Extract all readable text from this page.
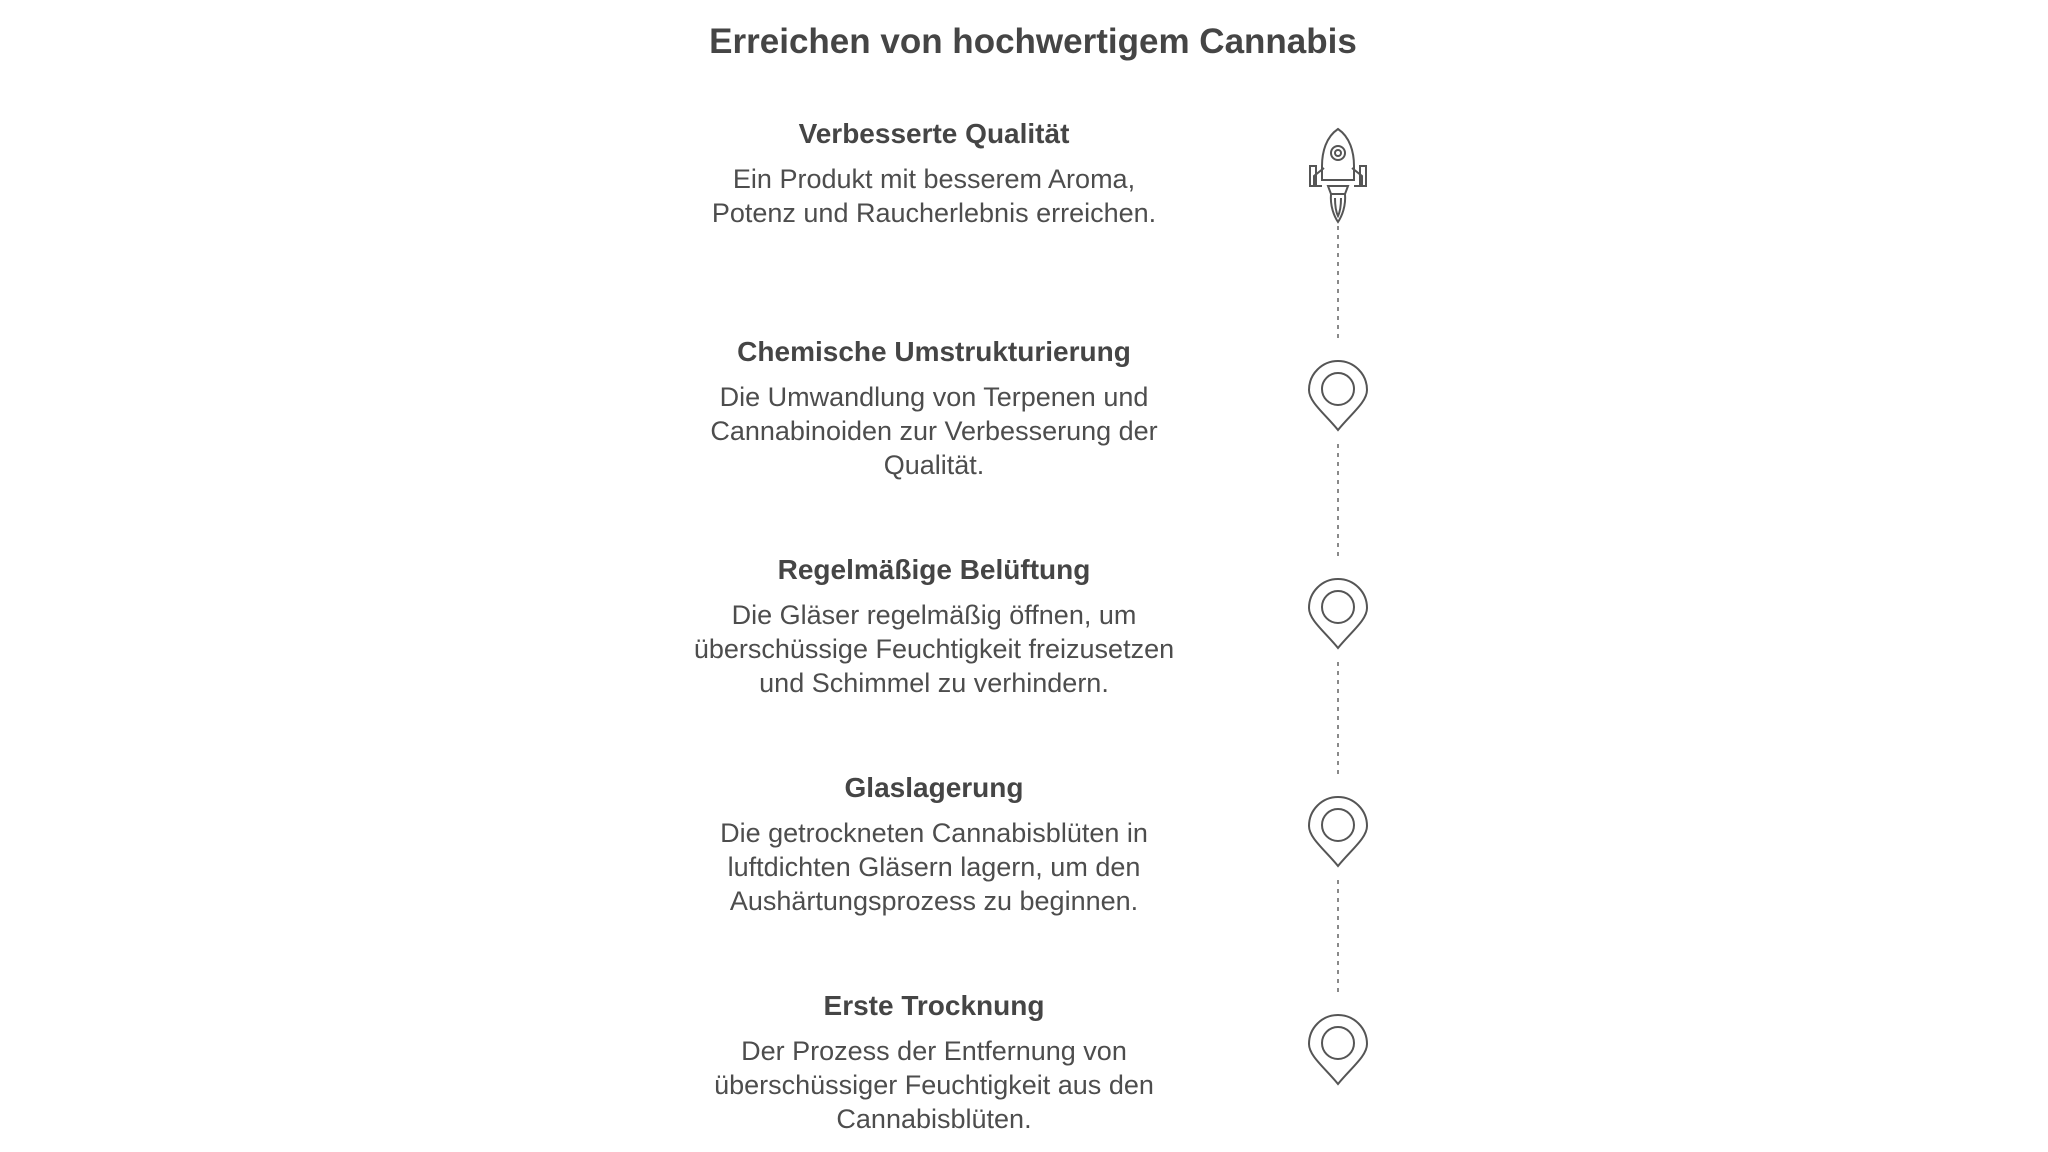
Erreichen von hochwertigem Cannabis

Verbesserte Qualität

Ein Produkt mit besserem Aroma, Potenz und Raucherlebnis erreichen.

Chemische Umstrukturierung

Die Umwandlung von Terpenen und Cannabinoiden zur Verbesserung der Qualität.

Regelmäßige Belüftung

Die Gläser regelmäßig öffnen, um überschüssige Feuchtigkeit freizusetzen und Schimmel zu verhindern.

Glaslagerung

Die getrockneten Cannabisblüten in luftdichten Gläsern lagern, um den Aushärtungsprozess zu beginnen.

Erste Trocknung

Der Prozess der Entfernung von überschüssiger Feuchtigkeit aus den Cannabisblüten.
